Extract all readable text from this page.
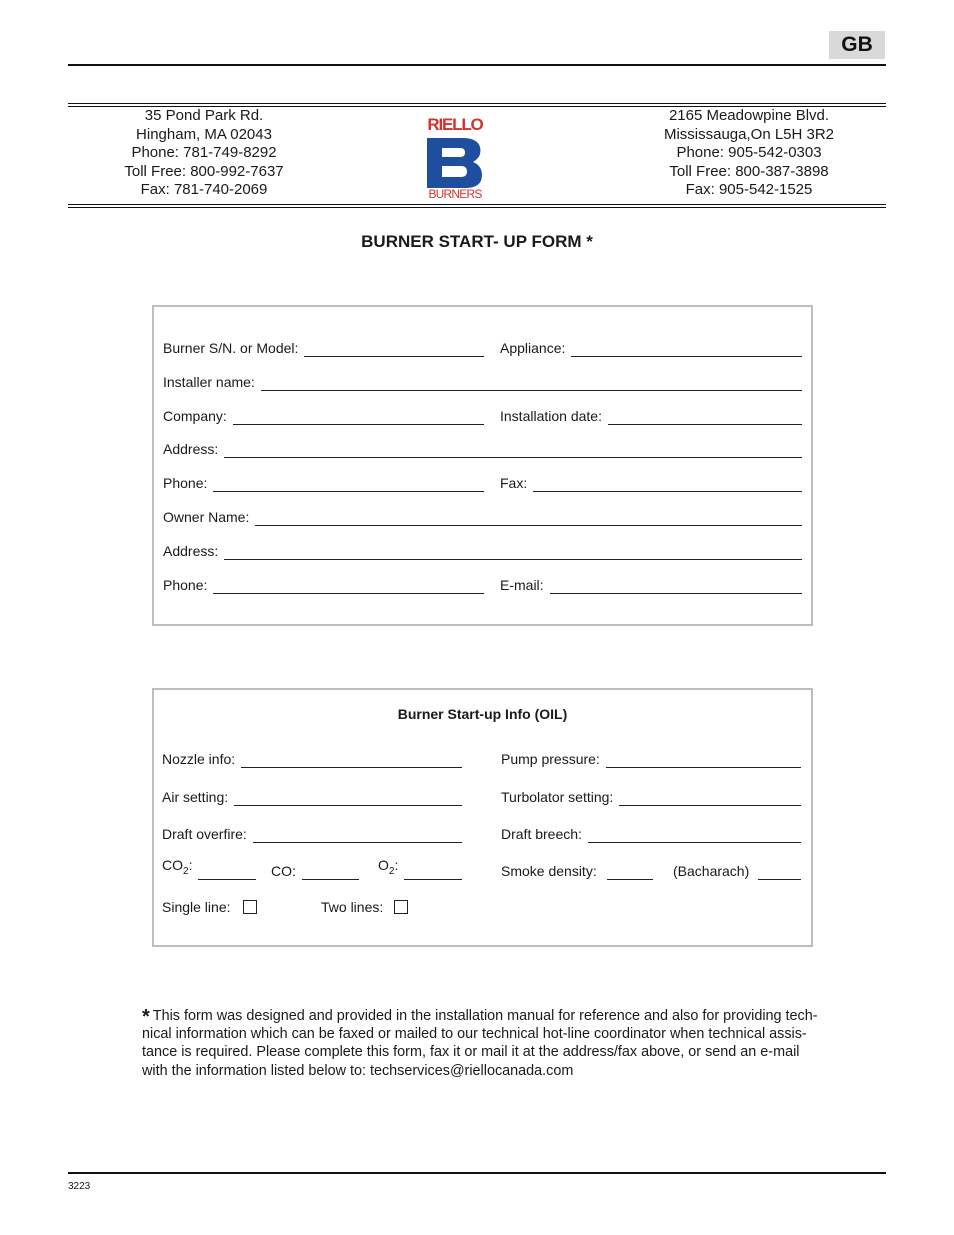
GB
35 Pond Park Rd.
Hingham, MA 02043
Phone: 781-749-8292
Toll Free: 800-992-7637
Fax: 781-740-2069
RIELLO
BURNERS
2165 Meadowpine Blvd.
Mississauga,On L5H 3R2
Phone: 905-542-0303
Toll Free: 800-387-3898
Fax: 905-542-1525
BURNER START- UP FORM *
Burner S/N. or Model:	Appliance:
Installer name:
Company:	Installation date:
Address:
Phone:	Fax:
Owner Name:
Address:
Phone:	E-mail:
Burner Start-up Info (OIL)
Nozzle info:	Pump pressure:
Air setting:	Turbolator setting:
Draft overfire:	Draft breech:
$CO_2$:	CO:	$O_2$:	Smoke density:	(Bacharach)
Single line:	Two lines:
* This form was designed and provided in the installation manual for reference and also for providing tech-
nical information which can be faxed or mailed to our technical hot-line coordinator when technical assis-
tance is required. Please complete this form, fax it or mail it at the address/fax above, or send an e-mail
with the information listed below to: techservices@riellocanada.com
3223
